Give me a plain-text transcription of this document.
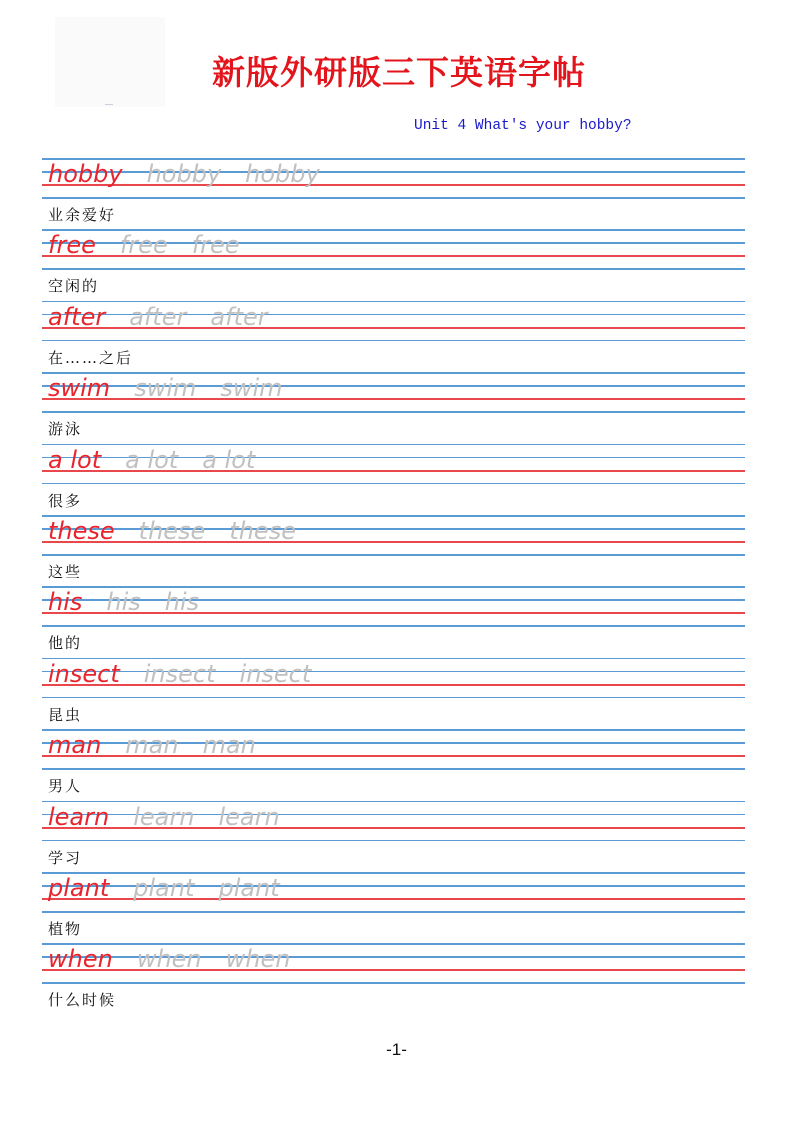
新版外研版三下英语字帖
Unit 4 What's your hobby?
hobby hobby hobby
业余爱好
free free free
空闲的
after after after
在……之后
swim swim swim
游泳
a lot a lot a lot
很多
these these these
这些
his his his
他的
insect insect insect
昆虫
man man man
男人
learn learn learn
学习
plant plant plant
植物
when when when
什么时候
-1-
